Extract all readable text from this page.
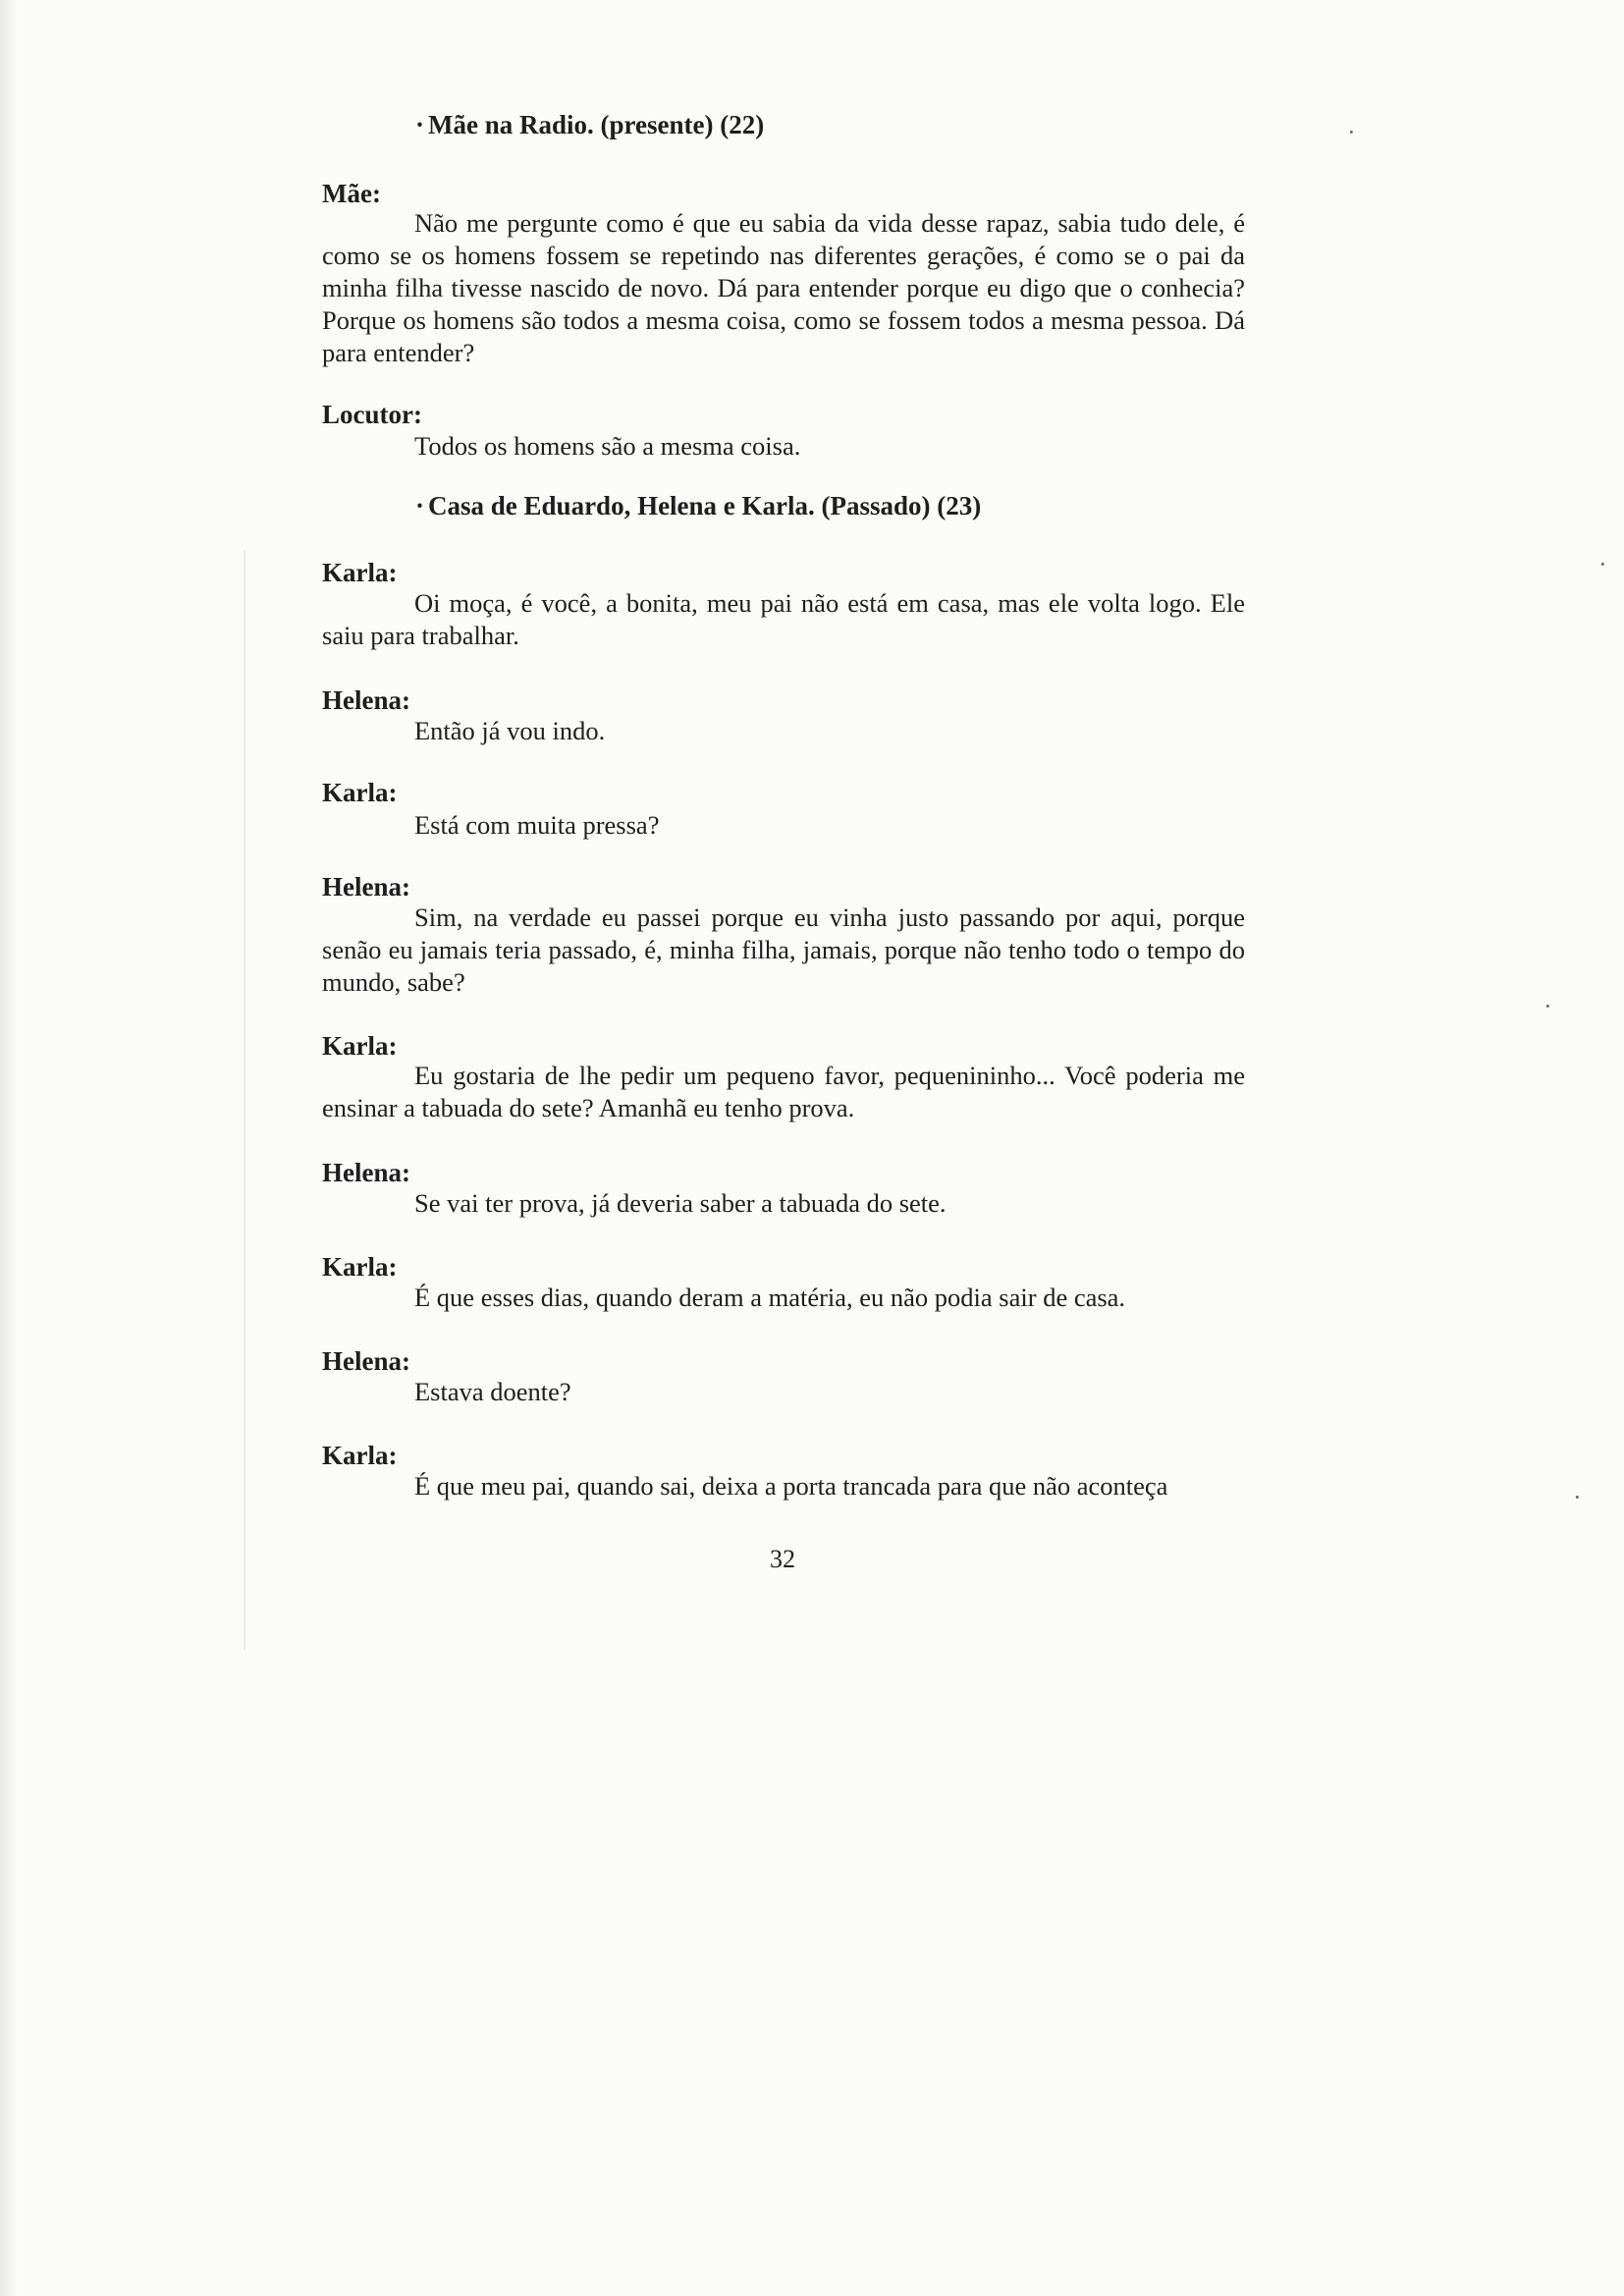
· Mãe na Radio. (presente) (22)
Mãe:
Não me pergunte como é que eu sabia da vida desse rapaz, sabia tudo dele, é como se os homens fossem se repetindo nas diferentes gerações, é como se o pai da minha filha tivesse nascido de novo. Dá para entender porque eu digo que o conhecia? Porque os homens são todos a mesma coisa, como se fossem todos a mesma pessoa. Dá para entender?
Locutor:
Todos os homens são a mesma coisa.
· Casa de Eduardo, Helena e Karla. (Passado) (23)
Karla:
Oi moça, é você, a bonita, meu pai não está em casa, mas ele volta logo. Ele saiu para trabalhar.
Helena:
Então já vou indo.
Karla:
Está com muita pressa?
Helena:
Sim, na verdade eu passei porque eu vinha justo passando por aqui, porque senão eu jamais teria passado, é, minha filha, jamais, porque não tenho todo o tempo do mundo, sabe?
Karla:
Eu gostaria de lhe pedir um pequeno favor, pequenininho... Você poderia me ensinar a tabuada do sete? Amanhã eu tenho prova.
Helena:
Se vai ter prova, já deveria saber a tabuada do sete.
Karla:
É que esses dias, quando deram a matéria, eu não podia sair de casa.
Helena:
Estava doente?
Karla:
É que meu pai, quando sai, deixa a porta trancada para que não aconteça
32
·
·
·
·
